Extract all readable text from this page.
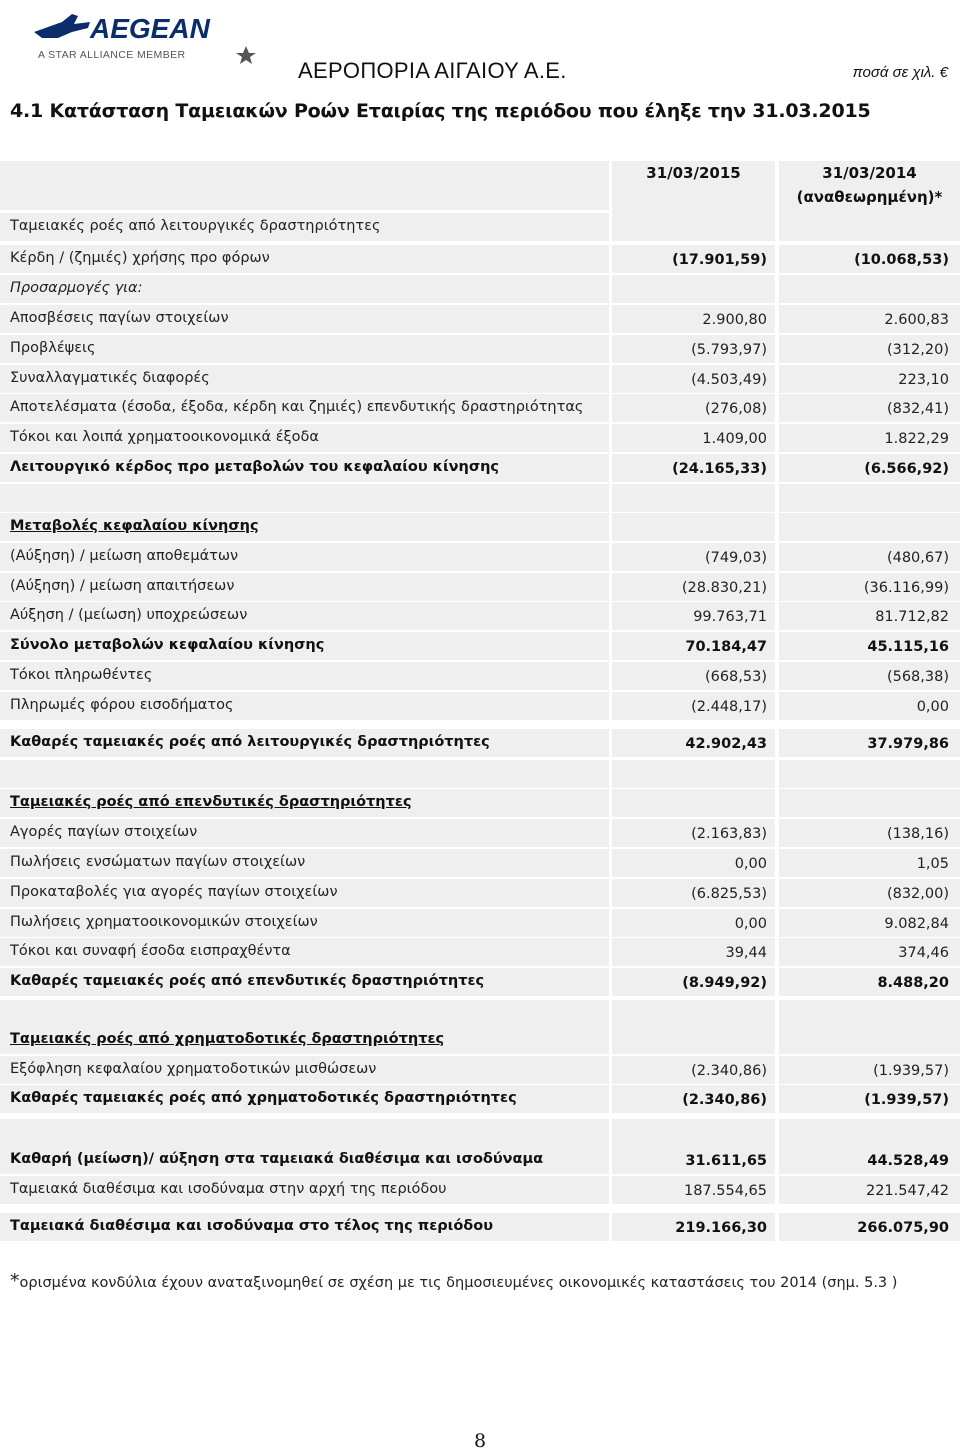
AEGEAN
A STAR ALLIANCE MEMBER
ΑΕΡΟΠΟΡΙΑ ΑΙΓΑΙΟΥ Α.Ε.	ποσά σε χιλ. €
4.1 Κατάσταση Ταμειακών Ροών Εταιρίας της περιόδου που έληξε την 31.03.2015
31/03/2015	31/03/2014
(αναθεωρημένη)*
Ταμειακές ροές από λειτουργικές δραστηριότητες
Κέρδη / (ζημιές) χρήσης προ φόρων	(17.901,59)	(10.068,53)
Προσαρμογές για:
Αποσβέσεις παγίων στοιχείων	2.900,80	2.600,83
Προβλέψεις	(5.793,97)	(312,20)
Συναλλαγματικές διαφορές	(4.503,49)	223,10
Αποτελέσματα (έσοδα, έξοδα, κέρδη και ζημιές) επενδυτικής δραστηριότητας	(276,08)	(832,41)
Τόκοι και λοιπά χρηματοοικονομικά έξοδα	1.409,00	1.822,29
Λειτουργικό κέρδος προ μεταβολών του κεφαλαίου κίνησης	(24.165,33)	(6.566,92)
Μεταβολές κεφαλαίου κίνησης
(Αύξηση) / μείωση αποθεμάτων	(749,03)	(480,67)
(Αύξηση) / μείωση απαιτήσεων	(28.830,21)	(36.116,99)
Αύξηση / (μείωση) υποχρεώσεων	99.763,71	81.712,82
Σύνολο μεταβολών κεφαλαίου κίνησης	70.184,47	45.115,16
Τόκοι πληρωθέντες	(668,53)	(568,38)
Πληρωμές φόρου εισοδήματος	(2.448,17)	0,00
Καθαρές ταμειακές ροές από λειτουργικές δραστηριότητες	42.902,43	37.979,86
Ταμειακές ροές από επενδυτικές δραστηριότητες
Αγορές παγίων στοιχείων	(2.163,83)	(138,16)
Πωλήσεις ενσώματων παγίων στοιχείων	0,00	1,05
Προκαταβολές για αγορές παγίων στοιχείων	(6.825,53)	(832,00)
Πωλήσεις χρηματοοικονομικών στοιχείων	0,00	9.082,84
Τόκοι και συναφή έσοδα εισπραχθέντα	39,44	374,46
Καθαρές ταμειακές ροές από επενδυτικές δραστηριότητες	(8.949,92)	8.488,20
Ταμειακές ροές από χρηματοδοτικές δραστηριότητες
Εξόφληση κεφαλαίου χρηματοδοτικών μισθώσεων	(2.340,86)	(1.939,57)
Καθαρές ταμειακές ροές από χρηματοδοτικές δραστηριότητες	(2.340,86)	(1.939,57)
Καθαρή (μείωση)/ αύξηση στα ταμειακά διαθέσιμα και ισοδύναμα	31.611,65	44.528,49
Ταμειακά διαθέσιμα και ισοδύναμα στην αρχή της περιόδου	187.554,65	221.547,42
Ταμειακά διαθέσιμα και ισοδύναμα στο τέλος της περιόδου	219.166,30	266.075,90
*ορισμένα κονδύλια έχουν αναταξινομηθεί σε σχέση με τις δημοσιευμένες οικονομικές καταστάσεις του 2014 (σημ. 5.3 )
8
